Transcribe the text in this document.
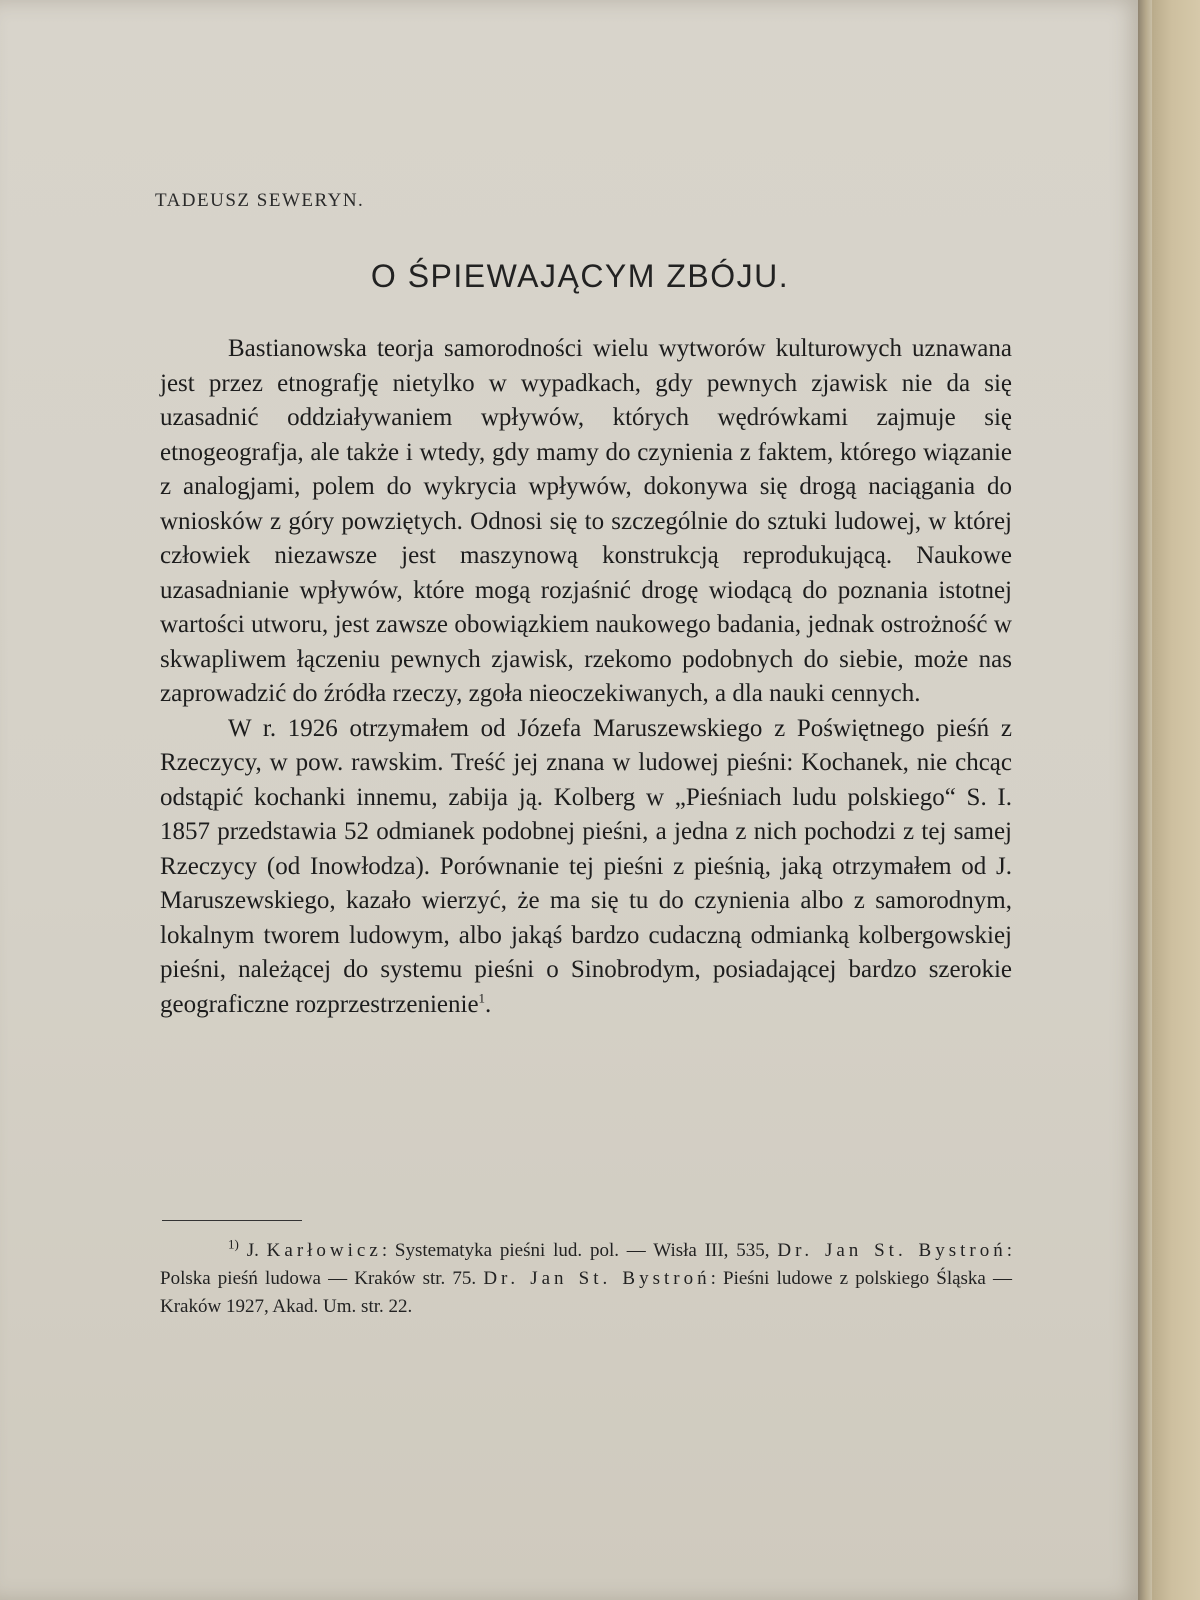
TADEUSZ SEWERYN.
O ŚPIEWAJĄCYM ZBÓJU.

Bastianowska teorja samorodności wielu wytworów kulturowych uznawana jest przez etnografję nietylko w wypadkach, gdy pewnych zjawisk nie da się uzasadnić oddziaływaniem wpływów, których wędrówkami zajmuje się etnogeografja, ale także i wtedy, gdy mamy do czynienia z faktem, którego wiązanie z analogjami, polem do wykrycia wpływów, dokonywa się drogą naciągania do wniosków z góry powziętych. Odnosi się to szczególnie do sztuki ludowej, w której człowiek niezawsze jest maszynową konstrukcją reprodukującą. Naukowe uzasadnianie wpływów, które mogą rozjaśnić drogę wiodącą do poznania istotnej wartości utworu, jest zawsze obowiązkiem naukowego badania, jednak ostrożność w skwapliwem łączeniu pewnych zjawisk, rzekomo podobnych do siebie, może nas zaprowadzić do źródła rzeczy, zgoła nieoczekiwanych, a dla nauki cennych.

W r. 1926 otrzymałem od Józefa Maruszewskiego z Poświętnego pieśń z Rzeczycy, w pow. rawskim. Treść jej znana w ludowej pieśni: Kochanek, nie chcąc odstąpić kochanki innemu, zabija ją. Kolberg w „Pieśniach ludu polskiego“ S. I. 1857 przedstawia 52 odmianek podobnej pieśni, a jedna z nich pochodzi z tej samej Rzeczycy (od Inowłodza). Porównanie tej pieśni z pieśnią, jaką otrzymałem od J. Maruszewskiego, kazało wierzyć, że ma się tu do czynienia albo z samorodnym, lokalnym tworem ludowym, albo jakąś bardzo cudaczną odmianką kolbergowskiej pieśni, należącej do systemu pieśni o Sinobrodym, posiadającej bardzo szerokie geograficzne rozprzestrzenienie$^1$.

$^{1)}$ J. Karłowicz: Systematyka pieśni lud. pol. — Wisła III, 535, Dr. Jan St. Bystroń: Polska pieśń ludowa — Kraków str. 75. Dr. Jan St. Bystroń: Pieśni ludowe z polskiego Śląska — Kraków 1927, Akad. Um. str. 22.
